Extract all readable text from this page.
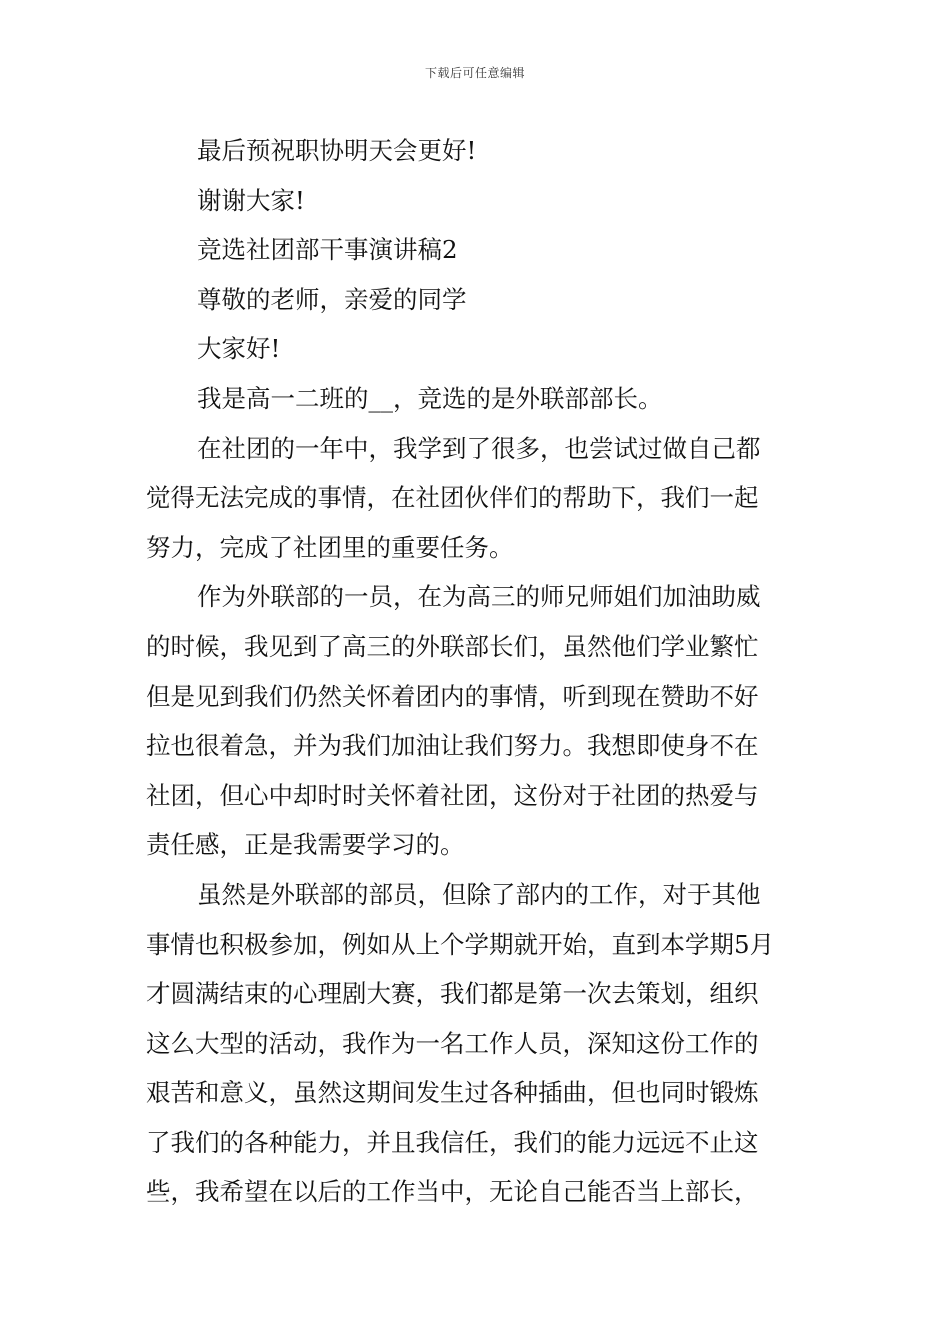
下载后可任意编辑

最后预祝职协明天会更好!

谢谢大家!

竞选社团部干事演讲稿2

尊敬的老师，亲爱的同学

大家好!

我是高一二班的__，竞选的是外联部部长。

在社团的一年中，我学到了很多，也尝试过做自己都

觉得无法完成的事情，在社团伙伴们的帮助下，我们一起

努力，完成了社团里的重要任务。

作为外联部的一员，在为高三的师兄师姐们加油助威

的时候，我见到了高三的外联部长们，虽然他们学业繁忙

但是见到我们仍然关怀着团内的事情，听到现在赞助不好

拉也很着急，并为我们加油让我们努力。我想即使身不在

社团，但心中却时时关怀着社团，这份对于社团的热爱与

责任感，正是我需要学习的。

虽然是外联部的部员，但除了部内的工作，对于其他

事情也积极参加，例如从上个学期就开始，直到本学期5月

才圆满结束的心理剧大赛，我们都是第一次去策划，组织

这么大型的活动，我作为一名工作人员，深知这份工作的

艰苦和意义，虽然这期间发生过各种插曲，但也同时锻炼

了我们的各种能力，并且我信任，我们的能力远远不止这

些，我希望在以后的工作当中，无论自己能否当上部长，
